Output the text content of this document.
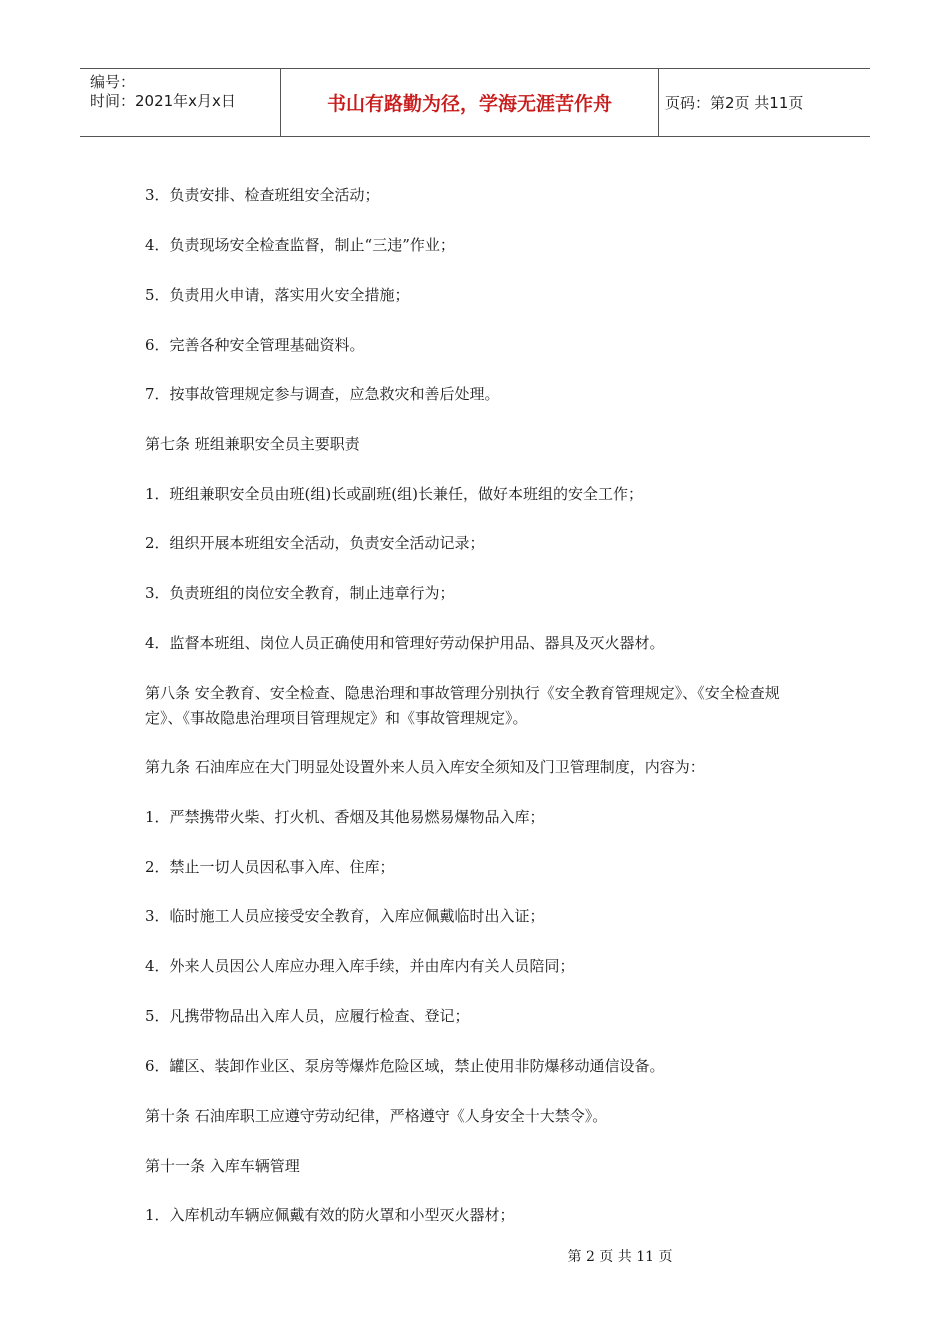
编号：
时间：2021年x月x日	书山有路勤为径，学海无涯苦作舟	页码：第2页 共11页
3．负责安排、检查班组安全活动；
4．负责现场安全检查监督，制止“三违”作业；
5．负责用火申请，落实用火安全措施；
6．完善各种安全管理基础资料。
7．按事故管理规定参与调查，应急救灾和善后处理。
第七条 班组兼职安全员主要职责
1．班组兼职安全员由班(组)长或副班(组)长兼任，做好本班组的安全工作；
2．组织开展本班组安全活动，负责安全活动记录；
3．负责班组的岗位安全教育，制止违章行为；
4．监督本班组、岗位人员正确使用和管理好劳动保护用品、器具及灭火器材。
第八条 安全教育、安全检查、隐患治理和事故管理分别执行《安全教育管理规定》、《安全检查规定》、《事故隐患治理项目管理规定》和《事故管理规定》。
第九条 石油库应在大门明显处设置外来人员入库安全须知及门卫管理制度，内容为：
1．严禁携带火柴、打火机、香烟及其他易燃易爆物品入库；
2．禁止一切人员因私事入库、住库；
3．临时施工人员应接受安全教育，入库应佩戴临时出入证；
4．外来人员因公人库应办理入库手续，并由库内有关人员陪同；
5．凡携带物品出入库人员，应履行检查、登记；
6．罐区、装卸作业区、泵房等爆炸危险区域，禁止使用非防爆移动通信设备。
第十条 石油库职工应遵守劳动纪律，严格遵守《人身安全十大禁令》。
第十一条 入库车辆管理
1．入库机动车辆应佩戴有效的防火罩和小型灭火器材；
第 2 页 共 11 页
